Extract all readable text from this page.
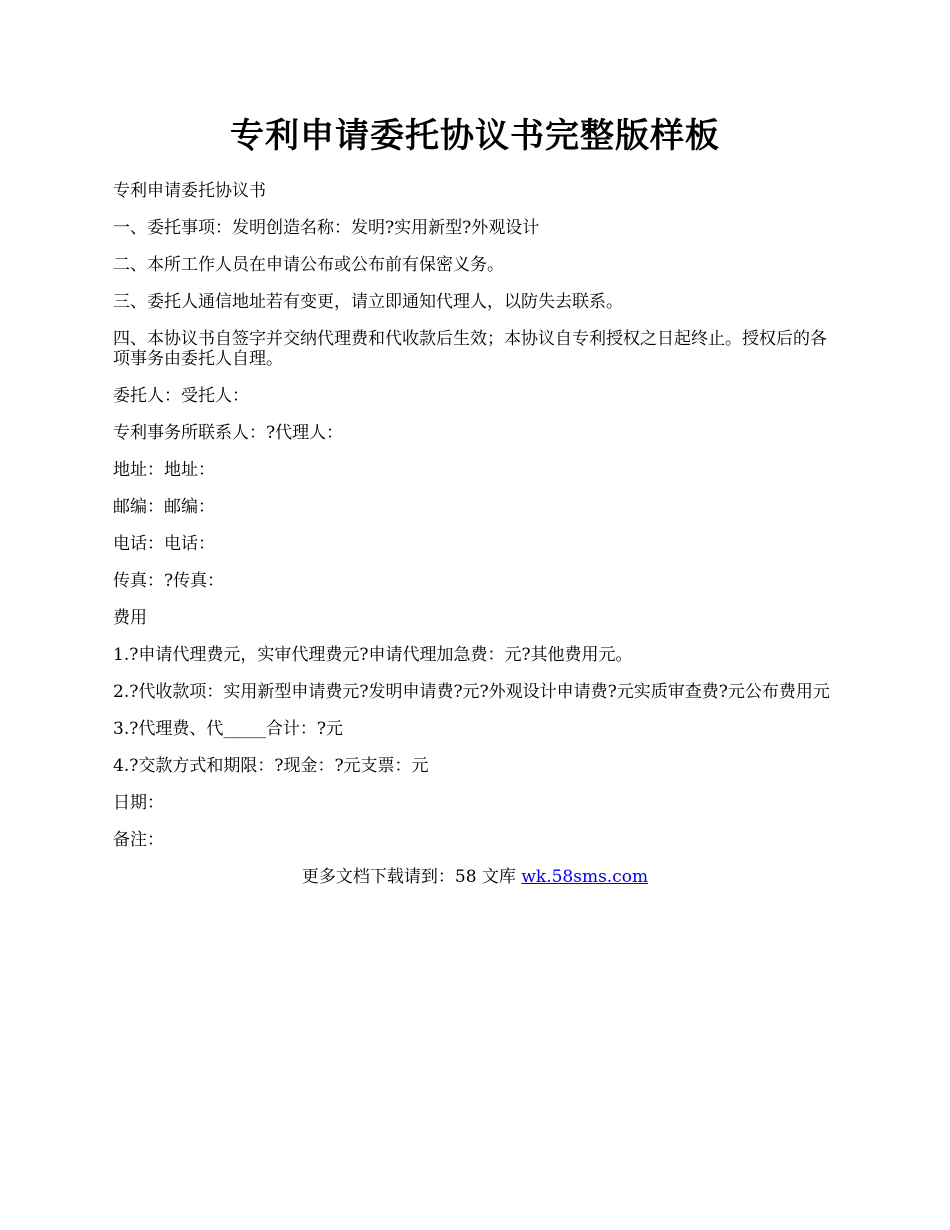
专利申请委托协议书完整版样板

专利申请委托协议书

一、委托事项：发明创造名称：发明?实用新型?外观设计

二、本所工作人员在申请公布或公布前有保密义务。

三、委托人通信地址若有变更，请立即通知代理人，以防失去联系。

四、本协议书自签字并交纳代理费和代收款后生效；本协议自专利授权之日起终止。授权后的各项事务由委托人自理。

委托人：受托人：

专利事务所联系人：?代理人：

地址：地址：

邮编：邮编：

电话：电话：

传真：?传真：

费用

1.?申请代理费元，实审代理费元?申请代理加急费：元?其他费用元。

2.?代收款项：实用新型申请费元?发明申请费?元?外观设计申请费?元实质审查费?元公布费用元

3.?代理费、代_____合计：?元

4.?交款方式和期限：?现金：?元支票：元

日期：

备注：

更多文档下载请到：58 文库 wk.58sms.com
